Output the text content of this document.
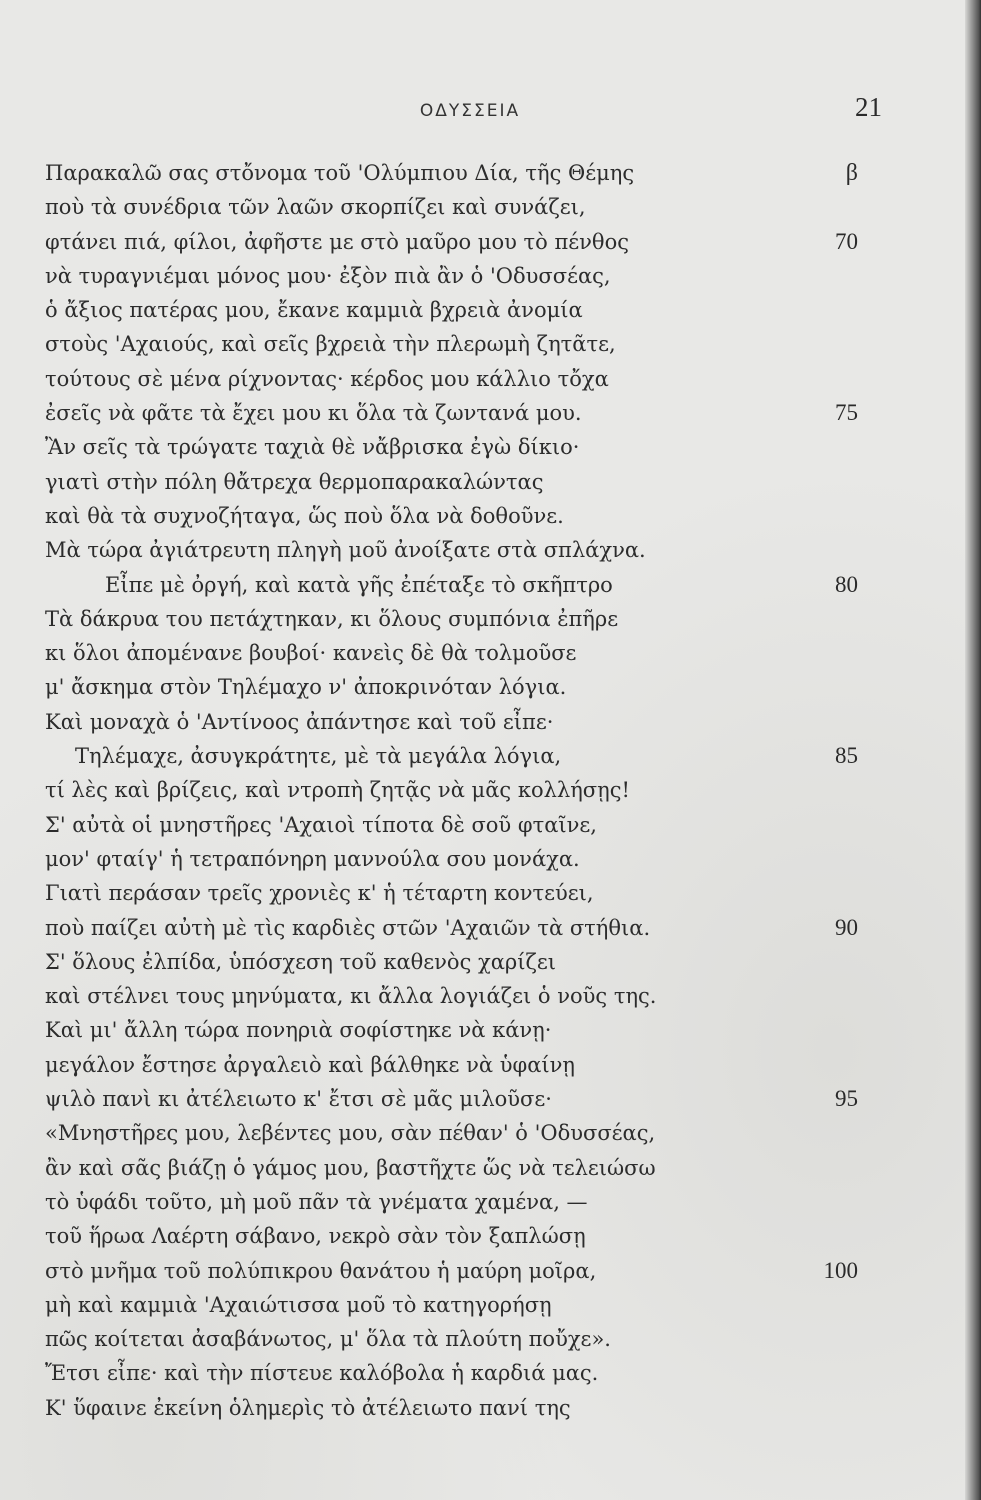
ΟΔΥΣΣΕΙΑ	21
Παρακαλῶ σας στὄνομα τοῦ 'Ολύμπιου Δία, τῆς Θέμης	β
ποὺ τὰ συνέδρια τῶν λαῶν σκορπίζει καὶ συνάζει,
φτάνει πιά, φίλοι, ἀφῆστε με στὸ μαῦρο μου τὸ πένθος	70
νὰ τυραγνιέμαι μόνος μου· ἐξὸν πιὰ ἂν ὁ 'Οδυσσέας,
ὁ ἄξιος πατέρας μου, ἔκανε καμμιὰ βχρειὰ ἀνομία
στοὺς 'Αχαιούς, καὶ σεῖς βχρειὰ τὴν πλερωμὴ ζητᾶτε,
τούτους σὲ μένα ρίχνοντας· κέρδος μου κάλλιο τὄχα
ἐσεῖς νὰ φᾶτε τὰ ἔχει μου κι ὅλα τὰ ζωντανά μου.	75
Ἂν σεῖς τὰ τρώγατε ταχιὰ θὲ νἄβρισκα ἐγὼ δίκιο·
γιατὶ στὴν πόλη θἄτρεχα θερμοπαρακαλώντας
καὶ θὰ τὰ συχνοζήταγα, ὥς ποὺ ὅλα νὰ δοθοῦνε.
Μὰ τώρα ἀγιάτρευτη πληγὴ μοῦ ἀνοίξατε στὰ σπλάχνα.
Εἶπε μὲ ὀργή, καὶ κατὰ γῆς ἐπέταξε τὸ σκῆπτρο	80
Τὰ δάκρυα του πετάχτηκαν, κι ὅλους συμπόνια ἐπῆρε
κι ὅλοι ἀπομένανε βουβοί· κανεὶς δὲ θὰ τολμοῦσε
μ' ἄσκημα στὸν Τηλέμαχο ν' ἀποκρινόταν λόγια.
Καὶ μοναχὰ ὁ 'Αντίνοος ἀπάντησε καὶ τοῦ εἶπε·
Τηλέμαχε, ἀσυγκράτητε, μὲ τὰ μεγάλα λόγια,	85
τί λὲς καὶ βρίζεις, καὶ ντροπὴ ζητᾷς νὰ μᾶς κολλήσῃς!
Σ' αὐτὰ οἱ μνηστῆρες 'Αχαιοὶ τίποτα δὲ σοῦ φταῖνε,
μον' φταίγ' ἡ τετραπόνηρη μαννούλα σου μονάχα.
Γιατὶ περάσαν τρεῖς χρονιὲς κ' ἡ τέταρτη κοντεύει,
ποὺ παίζει αὐτὴ μὲ τὶς καρδιὲς στῶν 'Αχαιῶν τὰ στήθια.	90
Σ' ὅλους ἐλπίδα, ὑπόσχεση τοῦ καθενὸς χαρίζει
καὶ στέλνει τους μηνύματα, κι ἄλλα λογιάζει ὁ νοῦς της.
Καὶ μι' ἄλλη τώρα πονηριὰ σοφίστηκε νὰ κάνῃ·
μεγάλον ἔστησε ἀργαλειὸ καὶ βάλθηκε νὰ ὑφαίνῃ
ψιλὸ πανὶ κι ἀτέλειωτο κ' ἔτσι σὲ μᾶς μιλοῦσε·	95
«Μνηστῆρες μου, λεβέντες μου, σὰν πέθαν' ὁ 'Οδυσσέας,
ἂν καὶ σᾶς βιάζῃ ὁ γάμος μου, βαστῆχτε ὥς νὰ τελειώσω
τὸ ὑφάδι τοῦτο, μὴ μοῦ πᾶν τὰ γνέματα χαμένα, —
τοῦ ἥρωα Λαέρτη σάβανο, νεκρὸ σὰν τὸν ξαπλώσῃ
στὸ μνῆμα τοῦ πολύπικρου θανάτου ἡ μαύρη μοῖρα,	100
μὴ καὶ καμμιὰ 'Αχαιώτισσα μοῦ τὸ κατηγορήσῃ
πῶς κοίτεται ἀσαβάνωτος, μ' ὅλα τὰ πλούτη ποὔχε».
Ἔτσι εἶπε· καὶ τὴν πίστευε καλόβολα ἡ καρδιά μας.
Κ' ὕφαινε ἐκείνη ὁλημερὶς τὸ ἀτέλειωτο πανί της
